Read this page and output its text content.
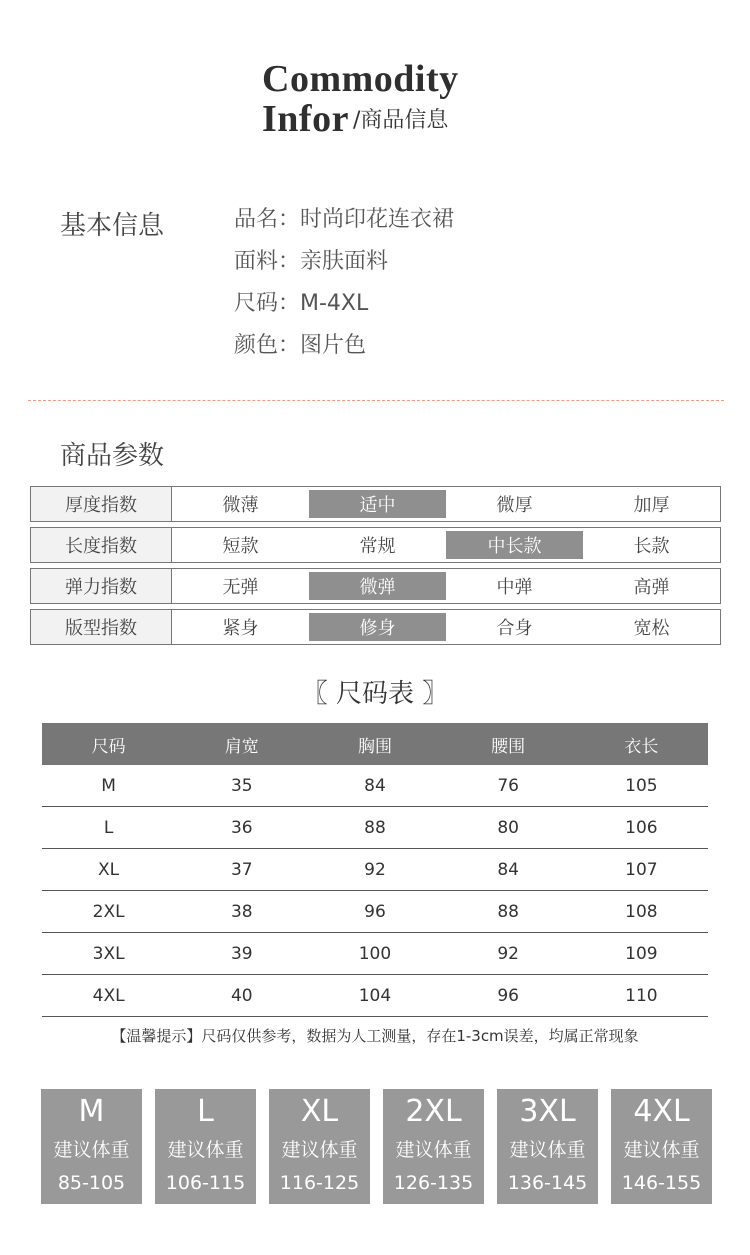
Commodity
Infor /商品信息
基本信息	品名： 时尚印花连衣裙
面料： 亲肤面料
尺码： M-4XL
颜色： 图片色
商品参数
厚度指数	微薄	适中	微厚	加厚
长度指数	短款	常规	中长款	长款
弹力指数	无弹	微弹	中弹	高弹
版型指数	紧身	修身	合身	宽松
〖 尺码表 〗
尺码	肩宽	胸围	腰围	衣长
M	35	84	76	105
L	36	88	80	106
XL	37	92	84	107
2XL	38	96	88	108
3XL	39	100	92	109
4XL	40	104	96	110
【温馨提示】尺码仅供参考，数据为人工测量，存在1-3cm误差，均属正常现象
M
建议体重
85-105
L
建议体重
106-115
XL
建议体重
116-125
2XL
建议体重
126-135
3XL
建议体重
136-145
4XL
建议体重
146-155
